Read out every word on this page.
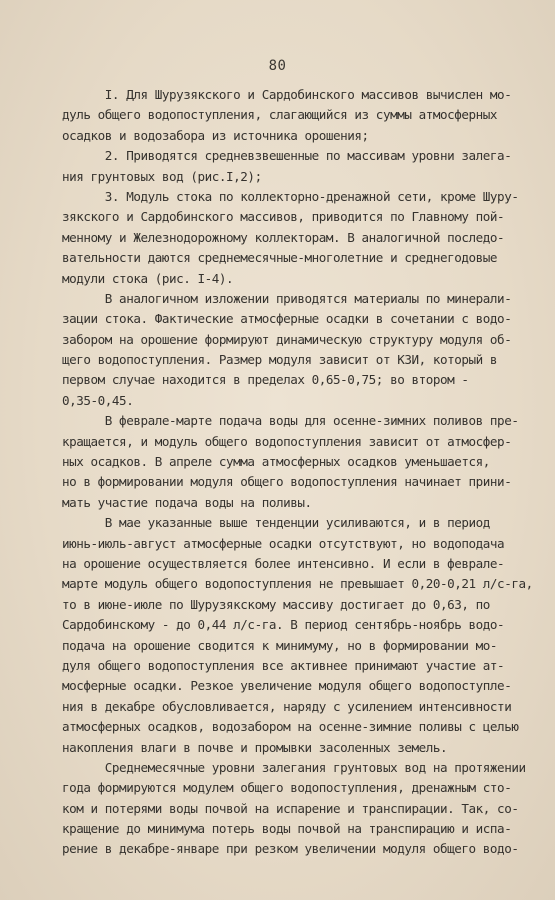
80
I. Для Шурузякского и Сардобинского массивов вычислен мо-
дуль общего водопоступления, слагающийся из суммы атмосферных
осадков и водозабора из источника орошения;
2. Приводятся средневзвешенные по массивам уровни залега-
ния грунтовых вод (рис.I,2);
3. Модуль стока по коллекторно-дренажной сети, кроме Шуру-
зякского и Сардобинского массивов, приводится по Главному пой-
менному и Железнодорожному коллекторам. В аналогичной последо-
вательности даются среднемесячные-многолетние и среднегодовые
модули стока (рис. I-4).
В аналогичном изложении приводятся материалы по минерали-
зации стока. Фактические атмосферные осадки в сочетании с водо-
забором на орошение формируют динамическую структуру модуля об-
щего водопоступления. Размер модуля зависит от КЗИ, который в
первом случае находится в пределах 0,65-0,75; во втором -
0,35-0,45.
В феврале-марте подача воды для осенне-зимних поливов пре-
кращается, и модуль общего водопоступления зависит от атмосфер-
ных осадков. В апреле сумма атмосферных осадков уменьшается,
но в формировании модуля общего водопоступления начинает прини-
мать участие подача воды на поливы.
В мае указанные выше тенденции усиливаются, и в период
июнь-июль-август атмосферные осадки отсутствуют, но водоподача
на орошение осуществляется более интенсивно. И если в феврале-
марте модуль общего водопоступления не превышает 0,20-0,21 л/с-га,
то в июне-июле по Шурузякскому массиву достигает до 0,63, по
Сардобинскому - до 0,44 л/с-га. В период сентябрь-ноябрь водо-
подача на орошение сводится к минимуму, но в формировании мо-
дуля общего водопоступления все активнее принимают участие ат-
мосферные осадки. Резкое увеличение модуля общего водопоступле-
ния в декабре обусловливается, наряду с усилением интенсивности
атмосферных осадков, водозабором на осенне-зимние поливы с целью
накопления влаги в почве и промывки засоленных земель.
Среднемесячные уровни залегания грунтовых вод на протяжении
года формируются модулем общего водопоступления, дренажным сто-
ком и потерями воды почвой на испарение и транспирации. Так, со-
кращение до минимума потерь воды почвой на транспирацию и испа-
рение в декабре-январе при резком увеличении модуля общего водо-
